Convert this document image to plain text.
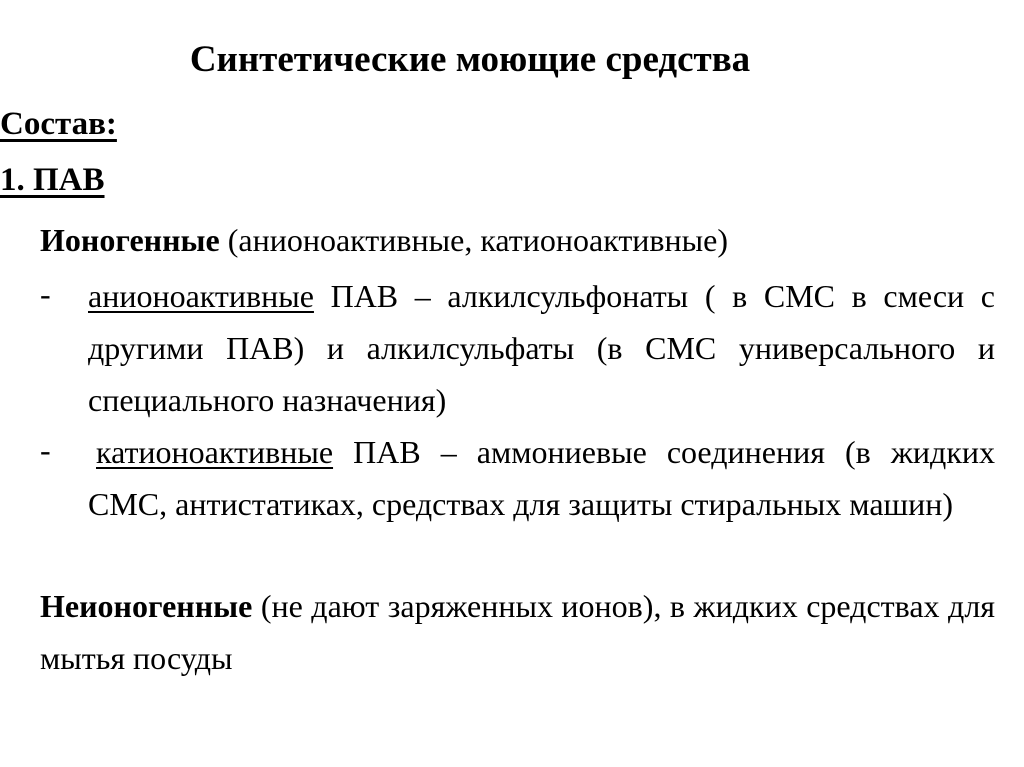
Синтетические моющие средства
Состав:
1. ПАВ
Ионогенные (анионоактивные, катионоактивные)
- анионоактивные ПАВ – алкилсульфонаты ( в СМС в смеси с другими ПАВ) и алкилсульфаты (в СМС универсального и специального назначения)
- катионоактивные ПАВ – аммониевые соединения (в жидких СМС, антистатиках, средствах для защиты стиральных машин)
Неионогенные (не дают заряженных ионов), в жидких средствах для мытья посуды
